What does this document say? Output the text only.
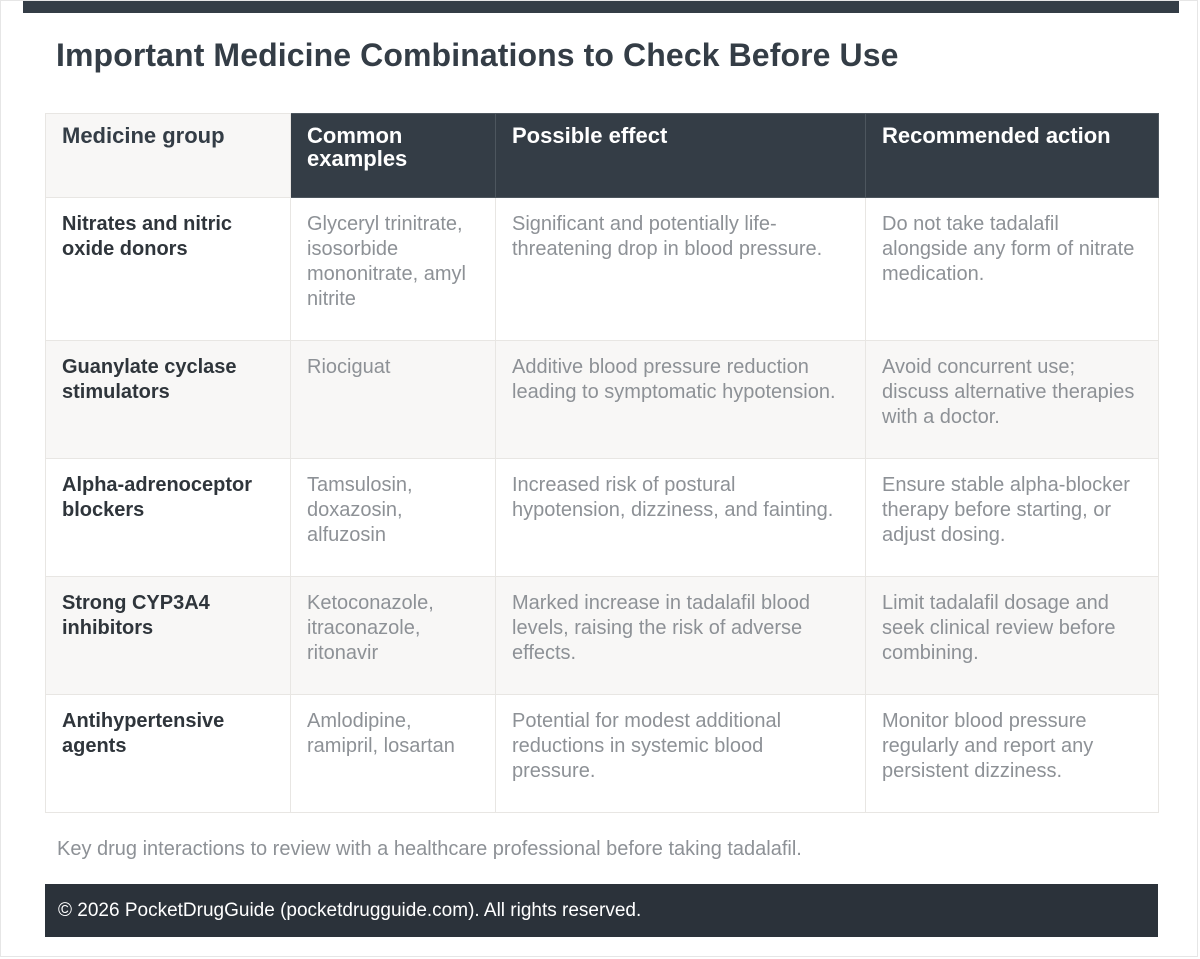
Important Medicine Combinations to Check Before Use
Medicine group	Common examples	Possible effect	Recommended action
Nitrates and nitric oxide donors	Glyceryl trinitrate, isosorbide mononitrate, amyl nitrite	Significant and potentially life-threatening drop in blood pressure.	Do not take tadalafil alongside any form of nitrate medication.
Guanylate cyclase stimulators	Riociguat	Additive blood pressure reduction leading to symptomatic hypotension.	Avoid concurrent use; discuss alternative therapies with a doctor.
Alpha-adrenoceptor blockers	Tamsulosin, doxazosin, alfuzosin	Increased risk of postural hypotension, dizziness, and fainting.	Ensure stable alpha-blocker therapy before starting, or adjust dosing.
Strong CYP3A4 inhibitors	Ketoconazole, itraconazole, ritonavir	Marked increase in tadalafil blood levels, raising the risk of adverse effects.	Limit tadalafil dosage and seek clinical review before combining.
Antihypertensive agents	Amlodipine, ramipril, losartan	Potential for modest additional reductions in systemic blood pressure.	Monitor blood pressure regularly and report any persistent dizziness.

Key drug interactions to review with a healthcare professional before taking tadalafil.

© 2026 PocketDrugGuide (pocketdrugguide.com). All rights reserved.
